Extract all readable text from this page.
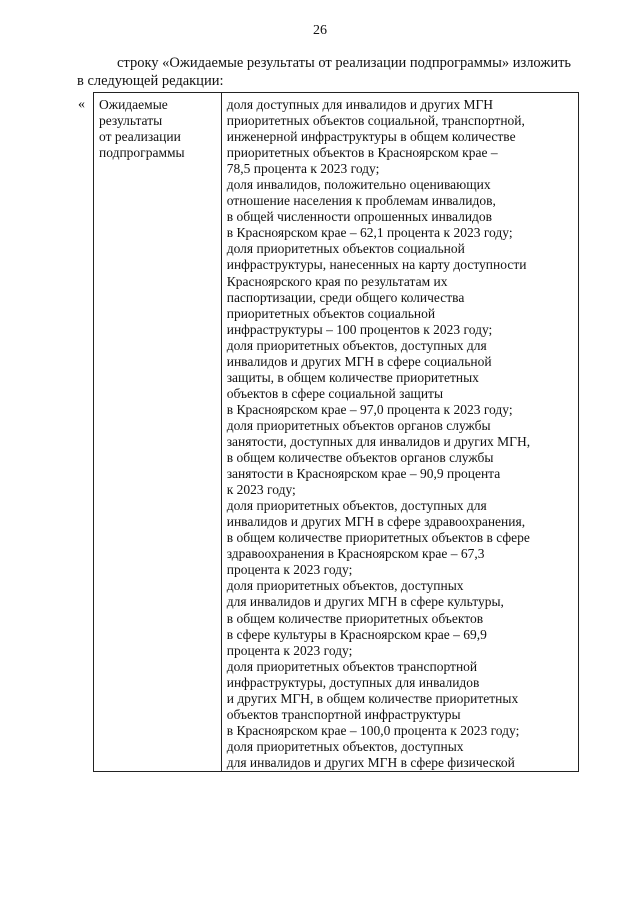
26
строку «Ожидаемые результаты от реализации подпрограммы» изложить
в следующей редакции:
« Ожидаемые
результаты
от реализации
подпрограммы

доля доступных для инвалидов и других МГН
приоритетных объектов социальной, транспортной,
инженерной инфраструктуры в общем количестве
приоритетных объектов в Красноярском крае –
78,5 процента к 2023 году;
доля инвалидов, положительно оценивающих
отношение населения к проблемам инвалидов,
в общей численности опрошенных инвалидов
в Красноярском крае – 62,1 процента к 2023 году;
доля приоритетных объектов социальной
инфраструктуры, нанесенных на карту доступности
Красноярского края по результатам их
паспортизации, среди общего количества
приоритетных объектов социальной
инфраструктуры – 100 процентов к 2023 году;
доля приоритетных объектов, доступных для
инвалидов и других МГН в сфере социальной
защиты, в общем количестве приоритетных
объектов в сфере социальной защиты
в Красноярском крае – 97,0 процента к 2023 году;
доля приоритетных объектов органов службы
занятости, доступных для инвалидов и других МГН,
в общем количестве объектов органов службы
занятости в Красноярском крае – 90,9 процента
к 2023 году;
доля приоритетных объектов, доступных для
инвалидов и других МГН в сфере здравоохранения,
в общем количестве приоритетных объектов в сфере
здравоохранения в Красноярском крае – 67,3
процента к 2023 году;
доля приоритетных объектов, доступных
для инвалидов и других МГН в сфере культуры,
в общем количестве приоритетных объектов
в сфере культуры в Красноярском крае – 69,9
процента к 2023 году;
доля приоритетных объектов транспортной
инфраструктуры, доступных для инвалидов
и других МГН, в общем количестве приоритетных
объектов транспортной инфраструктуры
в Красноярском крае – 100,0 процента к 2023 году;
доля приоритетных объектов, доступных
для инвалидов и других МГН в сфере физической
